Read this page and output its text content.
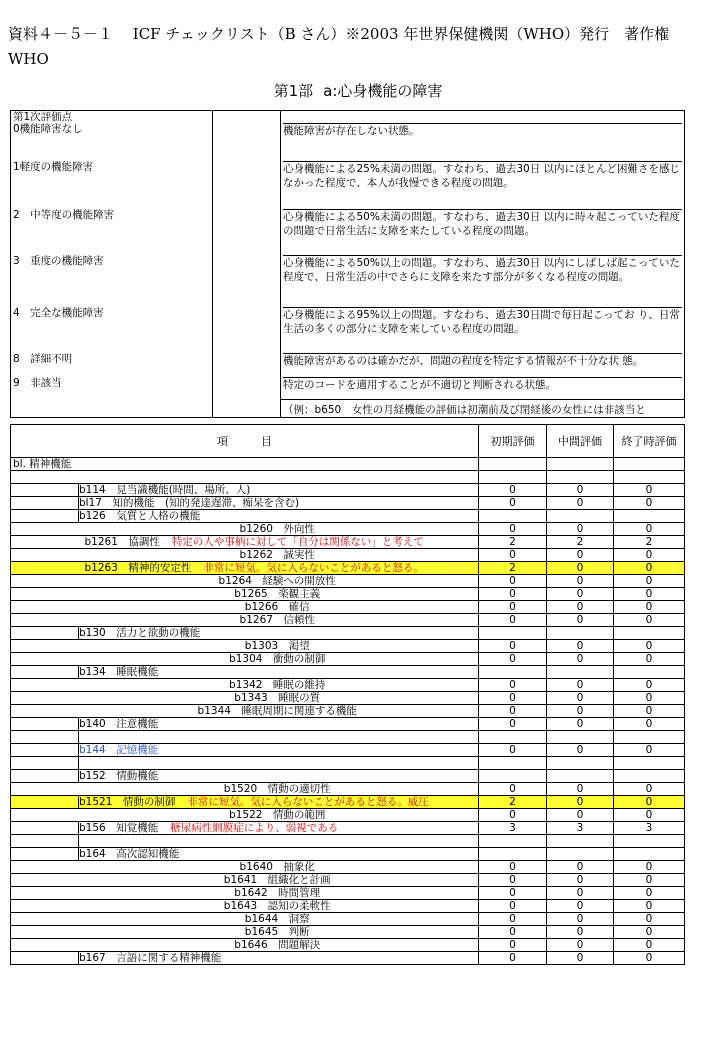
資料４－５－１　 ICF チェックリスト（B さん）※2003 年世界保健機関（WHO）発行　著作権
WHO
第1部 a:心身機能の障害
第1次評価点		
0機能障害なし		機能障害が存在しない状態。

1軽度の機能障害		心身機能による25%未満の問題。すなわち、過去30日 以内にほとんど困難さを感じなかった程度で、本人が我慢できる程度の問題。

2　中等度の機能障害		心身機能による50%未満の問題。すなわち、過去30日 以内に時々起こっていた程度の問題で日常生活に支障を来たしている程度の問題。

3　重度の機能障害		心身機能による50%以上の問題。すなわち、過去30日 以内にしばしば起こっていた程度で、日常生活の中でさらに支障を来たす部分が多くなる程度の問題。

4　完全な機能障害		心身機能による95%以上の問題。すなわち、過去30日間で毎日起こってお り、日常生活の多くの部分に支障を来している程度の問題。

8　詳細不明		機能障害があるのは確かだが、問題の程度を特定する情報が不十分な状 態。

9　非該当		特定のコードを適用することが不適切と判断される状態。

		（例：b650　女性の月経機能の評価は初潮前及び閉経後の女性には非該当と
項　　　目		初期評価	中間評価	終了時評価
bl. 精神機能				

	b114　見当識機能(時間、場所、人)	0	0	0
	bl17　知的機能　(知的発達遅滞、痴呆を含む)	0	0	0
	b126　気質と人格の機能			
	b1260　外向性	0	0	0
	b1261　協調性 特定の人や事柄に対して「自分は関係ない」と考えて	2	2	2
	b1262　誠実性	0	0	0
	b1263　精神的安定性 非常に短気。気に入らないことがあると怒る。	2	0	0
	b1264　経験への開放性	0	0	0
	b1265　楽観主義	0	0	0
	b1266　確信	0	0	0
	b1267　信頼性	0	0	0
	b130　活力と欲動の機能			
	b1303　渇望	0	0	0
	b1304　衝動の制御	0	0	0
	b134　睡眠機能			
	b1342　睡眠の維持	0	0	0
	b1343　睡眠の質	0	0	0
	b1344　睡眠周期に関連する機能	0	0	0
	b140　注意機能	0	0	0

	b144　記憶機能	0	0	0

	b152　情動機能			
	b1520　情動の適切性	0	0	0
	b1521　情動の制御 非常に短気。気に入らないことがあると怒る。威圧	2	0	0
	b1522　情動の範囲	0	0	0
	b156　知覚機能 糖尿病性網膜症により、弱視である	3	3	3

	b164　高次認知機能			
	b1640　抽象化	0	0	0
	b1641　組織化と計画	0	0	0
	b1642　時間管理	0	0	0
	b1643　認知の柔軟性	0	0	0
	b1644　洞察	0	0	0
	b1645　判断	0	0	0
	b1646　問題解決	0	0	0
	b167　言語に関する精神機能	0	0	0
